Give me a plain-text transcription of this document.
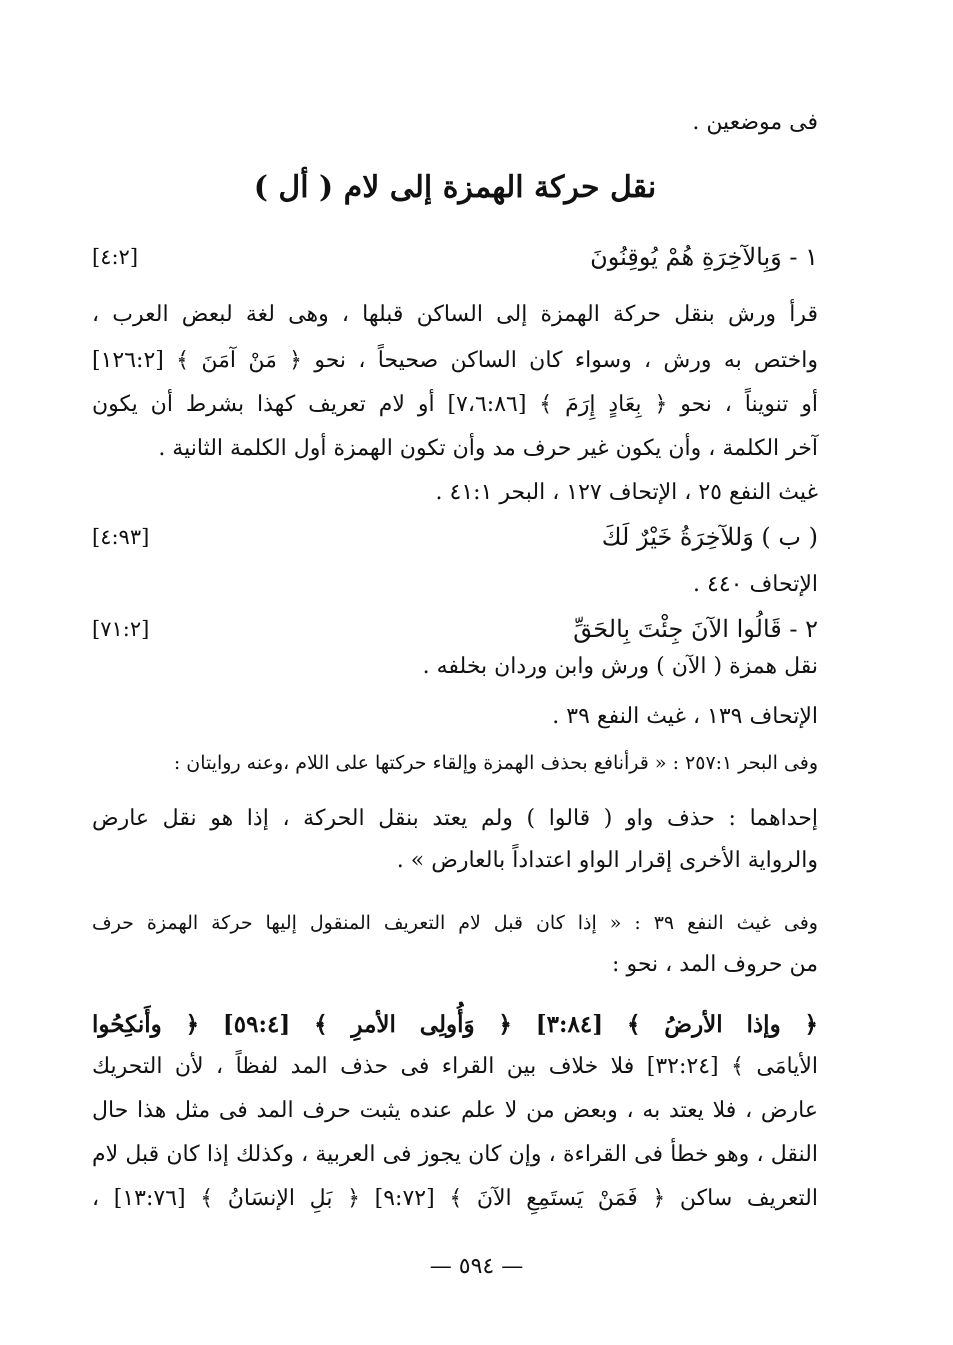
فى موضعين .
نقل حركة الهمزة إلى لام ( أل )
١ - وَبِالآخِرَةِ هُمْ يُوقِنُونَ
[٤:٢]
قرأ ورش بنقل حركة الهمزة إلى الساكن قبلها ، وهى لغة لبعض العرب ،
واختص به ورش ، وسواء كان الساكن صحيحاً ، نحو ﴿ مَنْ آمَنَ ﴾ [١٢٦:٢]
أو تنويناً ، نحو ﴿ بِعَادٍ إِرَمَ ﴾ [٧،٦:٨٦] أو لام تعريف كهذا بشرط أن يكون
آخر الكلمة ، وأن يكون غير حرف مد وأن تكون الهمزة أول الكلمة الثانية .
غيث النفع ٢٥ ، الإتحاف ١٢٧ ، البحر ٤١:١ .
( ب ) وَللآخِرَةُ خَيْرٌ لَكَ
[٤:٩٣]
الإتحاف ٤٤٠ .
٢ - قَالُوا الآنَ جِئْتَ بِالحَقِّ
[٧١:٢]
نقل همزة ( الآن ) ورش وابن وردان بخلفه .
الإتحاف ١٣٩ ، غيث النفع ٣٩ .
وفى البحر ٢٥٧:١ : « قرأنافع بحذف الهمزة وإلقاء حركتها على اللام ،وعنه روايتان :
إحداهما : حذف واو ( قالوا ) ولم يعتد بنقل الحركة ، إذا هو نقل عارض
والرواية الأخرى إقرار الواو اعتداداً بالعارض » .
وفى غيث النفع ٣٩ : « إذا كان قبل لام التعريف المنقول إليها حركة الهمزة حرف
من حروف المد ، نحو :
﴿ وإذا الأرضُ ﴾ [٣:٨٤] ﴿ وَأُولِى الأمرِ ﴾ [٥٩:٤] ﴿ وأَنكِحُوا
الأيامَى ﴾ [٣٢:٢٤] فلا خلاف بين القراء فى حذف المد لفظاً ، لأن التحريك
عارض ، فلا يعتد به ، وبعض من لا علم عنده يثبت حرف المد فى مثل هذا حال
النقل ، وهو خطأ فى القراءة ، وإن كان يجوز فى العربية ، وكذلك إذا كان قبل لام
التعريف ساكن ﴿ فَمَنْ يَستَمِعِ الآنَ ﴾ [٩:٧٢] ﴿ بَلِ الإنسَانُ ﴾ [١٣:٧٦] ،
— ٥٩٤ —
